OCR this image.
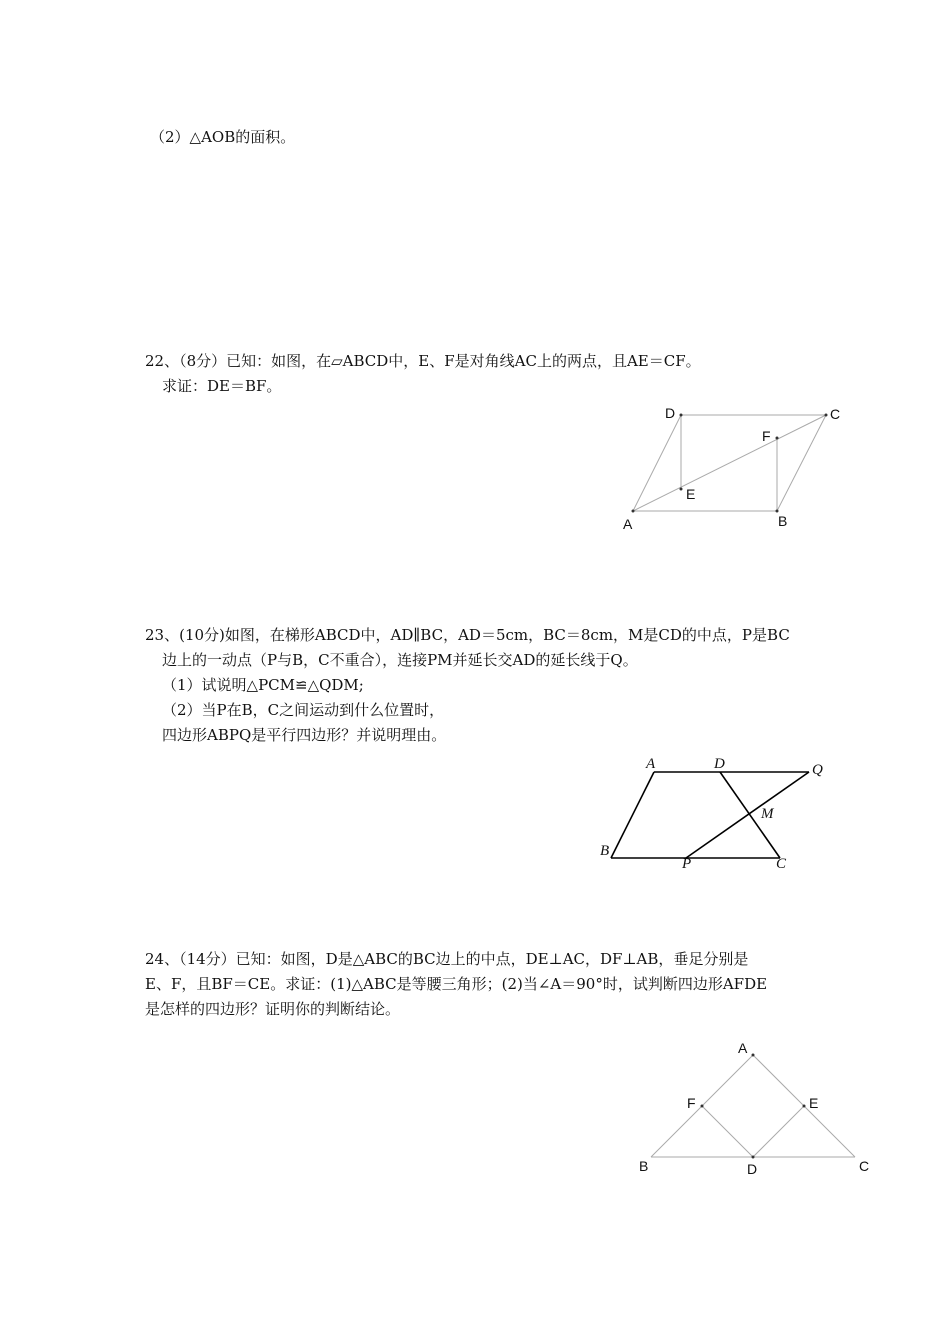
（2）△AOB的面积。
22、（8分）已知：如图，在▱ABCD中，E、F是对角线AC上的两点，且AE＝CF。
求证：DE＝BF。
A	B
C
D
E
F
23、(10分)如图，在梯形ABCD中，AD∥BC，AD＝5cm，BC＝8cm，M是CD的中点，P是BC
边上的一动点（P与B，C不重合），连接PM并延长交AD的延长线于Q。
（1）试说明△PCM≌△QDM;
（2）当P在B，C之间运动到什么位置时，
四边形ABPQ是平行四边形？并说明理由。
A
B
C
D
M
P
Q
24、（14分）已知：如图，D是△ABC的BC边上的中点，DE⊥AC，DF⊥AB，垂足分别是
E、F，且BF＝CE。求证：(1)△ABC是等腰三角形；(2)当∠A＝90°时，试判断四边形AFDE
是怎样的四边形？证明你的判断结论。
A
B	C
D
E
F
